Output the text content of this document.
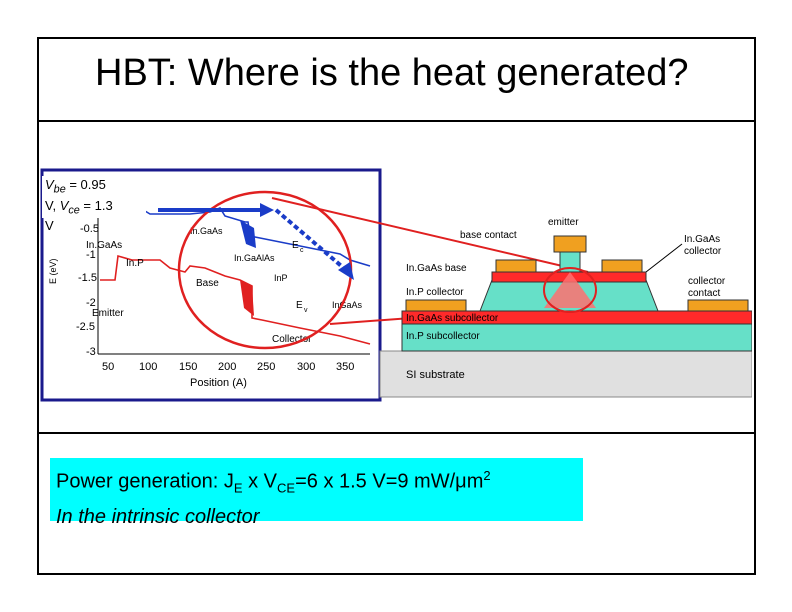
HBT: Where is the heat generated?
-0.5
-1
-1.5
-2
-2.5
-3
E (eV)
50 100 150 200 250 300 350
Position (A)
In.GaAs
In.P
Emitter
In.GaAs
In.GaAlAs
Base	InP
E c
E v
InGaAs
Collector
SI substrate
In.P subcollector
In.GaAs subcollector
collector
contact
In.P collector
In.GaAs base
base contact
emitter
In.GaAs
collector
$V_{be} = 0.95$
V, $V_{ce} = 1.3$
V
Power generation: $J_E$ x $V_{CE}=6$ x 1.5 V=9 $mW/\mu m^2$
In the intrinsic collector
